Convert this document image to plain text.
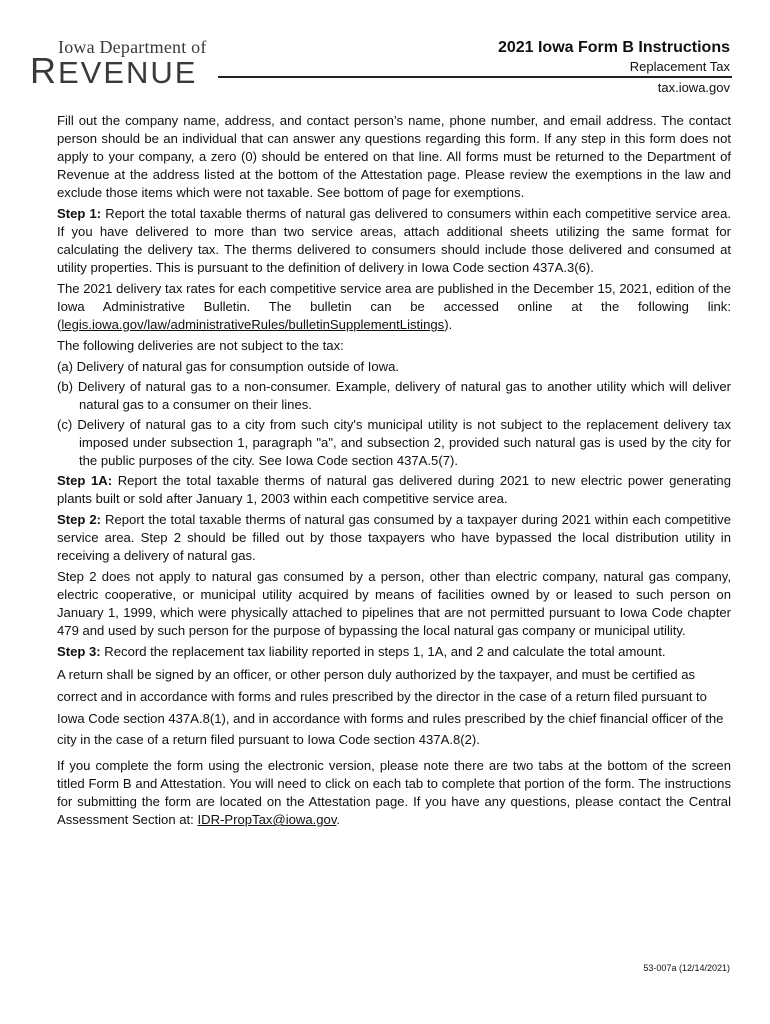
Iowa Department of
REVENUE
2021 Iowa Form B Instructions
Replacement Tax
tax.iowa.gov

Fill out the company name, address, and contact person’s name, phone number, and email address. The contact person should be an individual that can answer any questions regarding this form. If any step in this form does not apply to your company, a zero (0) should be entered on that line. All forms must be returned to the Department of Revenue at the address listed at the bottom of the Attestation page. Please review the exemptions in the law and exclude those items which were not taxable. See bottom of page for exemptions.

Step 1: Report the total taxable therms of natural gas delivered to consumers within each competitive service area. If you have delivered to more than two service areas, attach additional sheets utilizing the same format for calculating the delivery tax. The therms delivered to consumers should include those delivered and consumed at utility properties. This is pursuant to the definition of delivery in Iowa Code section 437A.3(6).

The 2021 delivery tax rates for each competitive service area are published in the December 15, 2021, edition of the Iowa Administrative Bulletin. The bulletin can be accessed online at the following link: (legis.iowa.gov/law/administrativeRules/bulletinSupplementListings).

The following deliveries are not subject to the tax:

(a) Delivery of natural gas for consumption outside of Iowa.

(b) Delivery of natural gas to a non-consumer. Example, delivery of natural gas to another utility which will deliver natural gas to a consumer on their lines.

(c) Delivery of natural gas to a city from such city's municipal utility is not subject to the replacement delivery tax imposed under subsection 1, paragraph "a", and subsection 2, provided such natural gas is used by the city for the public purposes of the city. See Iowa Code section 437A.5(7).

Step 1A: Report the total taxable therms of natural gas delivered during 2021 to new electric power generating plants built or sold after January 1, 2003 within each competitive service area.

Step 2: Report the total taxable therms of natural gas consumed by a taxpayer during 2021 within each competitive service area. Step 2 should be filled out by those taxpayers who have bypassed the local distribution utility in receiving a delivery of natural gas.

Step 2 does not apply to natural gas consumed by a person, other than electric company, natural gas company, electric cooperative, or municipal utility acquired by means of facilities owned by or leased to such person on January 1, 1999, which were physically attached to pipelines that are not permitted pursuant to Iowa Code chapter 479 and used by such person for the purpose of bypassing the local natural gas company or municipal utility.

Step 3: Record the replacement tax liability reported in steps 1, 1A, and 2 and calculate the total amount.

A return shall be signed by an officer, or other person duly authorized by the taxpayer, and must be certified as correct and in accordance with forms and rules prescribed by the director in the case of a return filed pursuant to Iowa Code section 437A.8(1), and in accordance with forms and rules prescribed by the chief financial officer of the city in the case of a return filed pursuant to Iowa Code section 437A.8(2).

If you complete the form using the electronic version, please note there are two tabs at the bottom of the screen titled Form B and Attestation. You will need to click on each tab to complete that portion of the form. The instructions for submitting the form are located on the Attestation page. If you have any questions, please contact the Central Assessment Section at: IDR-PropTax@iowa.gov.

53-007a (12/14/2021)
